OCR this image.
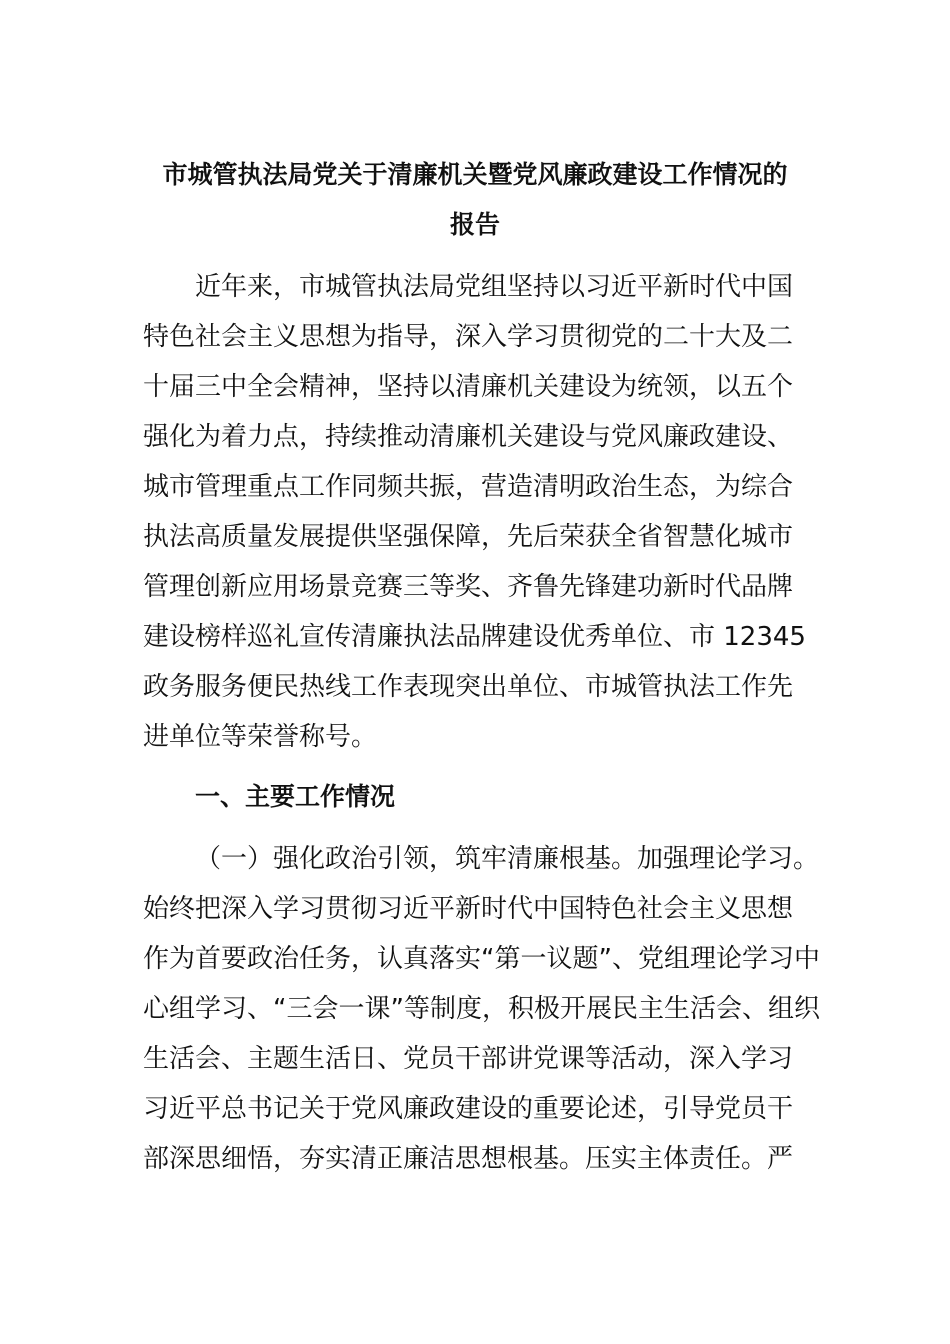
市城管执法局党关于清廉机关暨党风廉政建设工作情况的
报告

近年来，市城管执法局党组坚持以习近平新时代中国
特色社会主义思想为指导，深入学习贯彻党的二十大及二
十届三中全会精神，坚持以清廉机关建设为统领，以五个
强化为着力点，持续推动清廉机关建设与党风廉政建设、
城市管理重点工作同频共振，营造清明政治生态，为综合
执法高质量发展提供坚强保障，先后荣获全省智慧化城市
管理创新应用场景竞赛三等奖、齐鲁先锋建功新时代品牌
建设榜样巡礼宣传清廉执法品牌建设优秀单位、市 12345
政务服务便民热线工作表现突出单位、市城管执法工作先
进单位等荣誉称号。

一、主要工作情况

（一）强化政治引领，筑牢清廉根基。加强理论学习。
始终把深入学习贯彻习近平新时代中国特色社会主义思想
作为首要政治任务，认真落实“第一议题”、党组理论学习中
心组学习、“三会一课”等制度，积极开展民主生活会、组织
生活会、主题生活日、党员干部讲党课等活动，深入学习
习近平总书记关于党风廉政建设的重要论述，引导党员干
部深思细悟，夯实清正廉洁思想根基。压实主体责任。严
